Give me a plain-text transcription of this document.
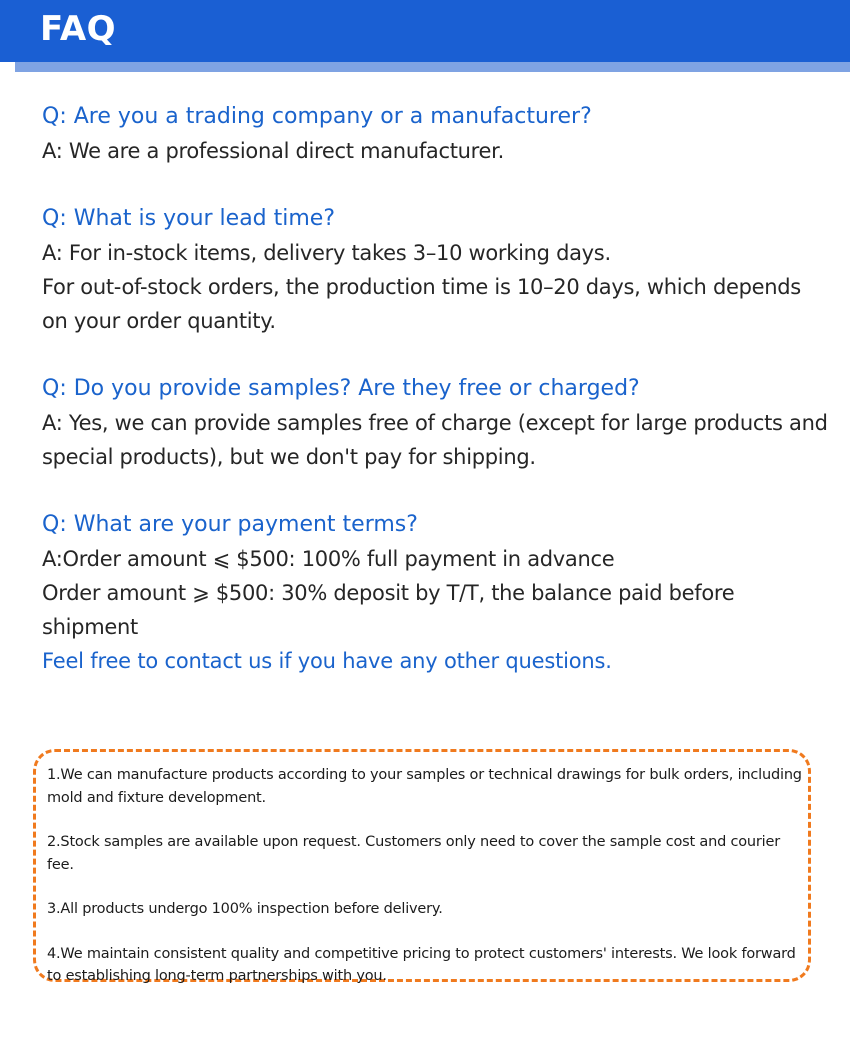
FAQ
Q: Are you a trading company or a manufacturer?
A: We are a professional direct manufacturer.
Q: What is your lead time?
A: For in-stock items, delivery takes 3–10 working days.
For out-of-stock orders, the production time is 10–20 days, which depends on your order quantity.
Q: Do you provide samples? Are they free or charged?
A: Yes, we can provide samples free of charge (except for large products and special products), but we don't pay for shipping.
Q: What are your payment terms?
A:Order amount ⩽ $500: 100% full payment in advance
Order amount ⩾ $500: 30% deposit by T/T, the balance paid before shipment
Feel free to contact us if you have any other questions.
1.We can manufacture products according to your samples or technical drawings for bulk orders, including mold and fixture development.
2.Stock samples are available upon request. Customers only need to cover the sample cost and courier fee.
3.All products undergo 100% inspection before delivery.
4.We maintain consistent quality and competitive pricing to protect customers' interests. We look forward to establishing long-term partnerships with you.
